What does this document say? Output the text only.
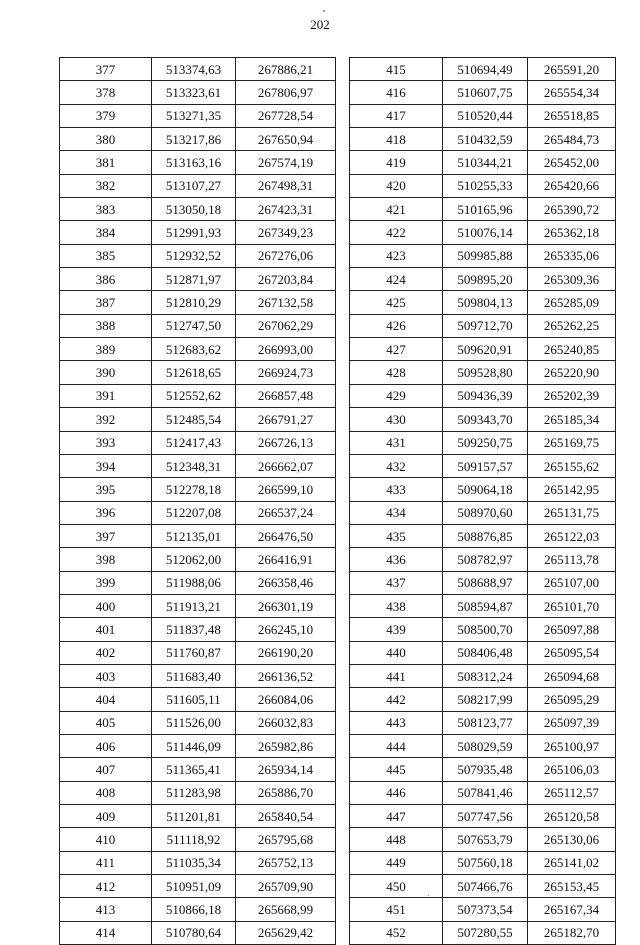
202
377	513374,63	267886,21
378	513323,61	267806,97
379	513271,35	267728,54
380	513217,86	267650,94
381	513163,16	267574,19
382	513107,27	267498,31
383	513050,18	267423,31
384	512991,93	267349,23
385	512932,52	267276,06
386	512871,97	267203,84
387	512810,29	267132,58
388	512747,50	267062,29
389	512683,62	266993,00
390	512618,65	266924,73
391	512552,62	266857,48
392	512485,54	266791,27
393	512417,43	266726,13
394	512348,31	266662,07
395	512278,18	266599,10
396	512207,08	266537,24
397	512135,01	266476,50
398	512062,00	266416,91
399	511988,06	266358,46
400	511913,21	266301,19
401	511837,48	266245,10
402	511760,87	266190,20
403	511683,40	266136,52
404	511605,11	266084,06
405	511526,00	266032,83
406	511446,09	265982,86
407	511365,41	265934,14
408	511283,98	265886,70
409	511201,81	265840,54
410	511118,92	265795,68
411	511035,34	265752,13
412	510951,09	265709,90
413	510866,18	265668,99
414	510780,64	265629,42
415	510694,49	265591,20
416	510607,75	265554,34
417	510520,44	265518,85
418	510432,59	265484,73
419	510344,21	265452,00
420	510255,33	265420,66
421	510165,96	265390,72
422	510076,14	265362,18
423	509985,88	265335,06
424	509895,20	265309,36
425	509804,13	265285,09
426	509712,70	265262,25
427	509620,91	265240,85
428	509528,80	265220,90
429	509436,39	265202,39
430	509343,70	265185,34
431	509250,75	265169,75
432	509157,57	265155,62
433	509064,18	265142,95
434	508970,60	265131,75
435	508876,85	265122,03
436	508782,97	265113,78
437	508688,97	265107,00
438	508594,87	265101,70
439	508500,70	265097,88
440	508406,48	265095,54
441	508312,24	265094,68
442	508217,99	265095,29
443	508123,77	265097,39
444	508029,59	265100,97
445	507935,48	265106,03
446	507841,46	265112,57
447	507747,56	265120,58
448	507653,79	265130,06
449	507560,18	265141,02
450	507466,76	265153,45
451	507373,54	265167,34
452	507280,55	265182,70
